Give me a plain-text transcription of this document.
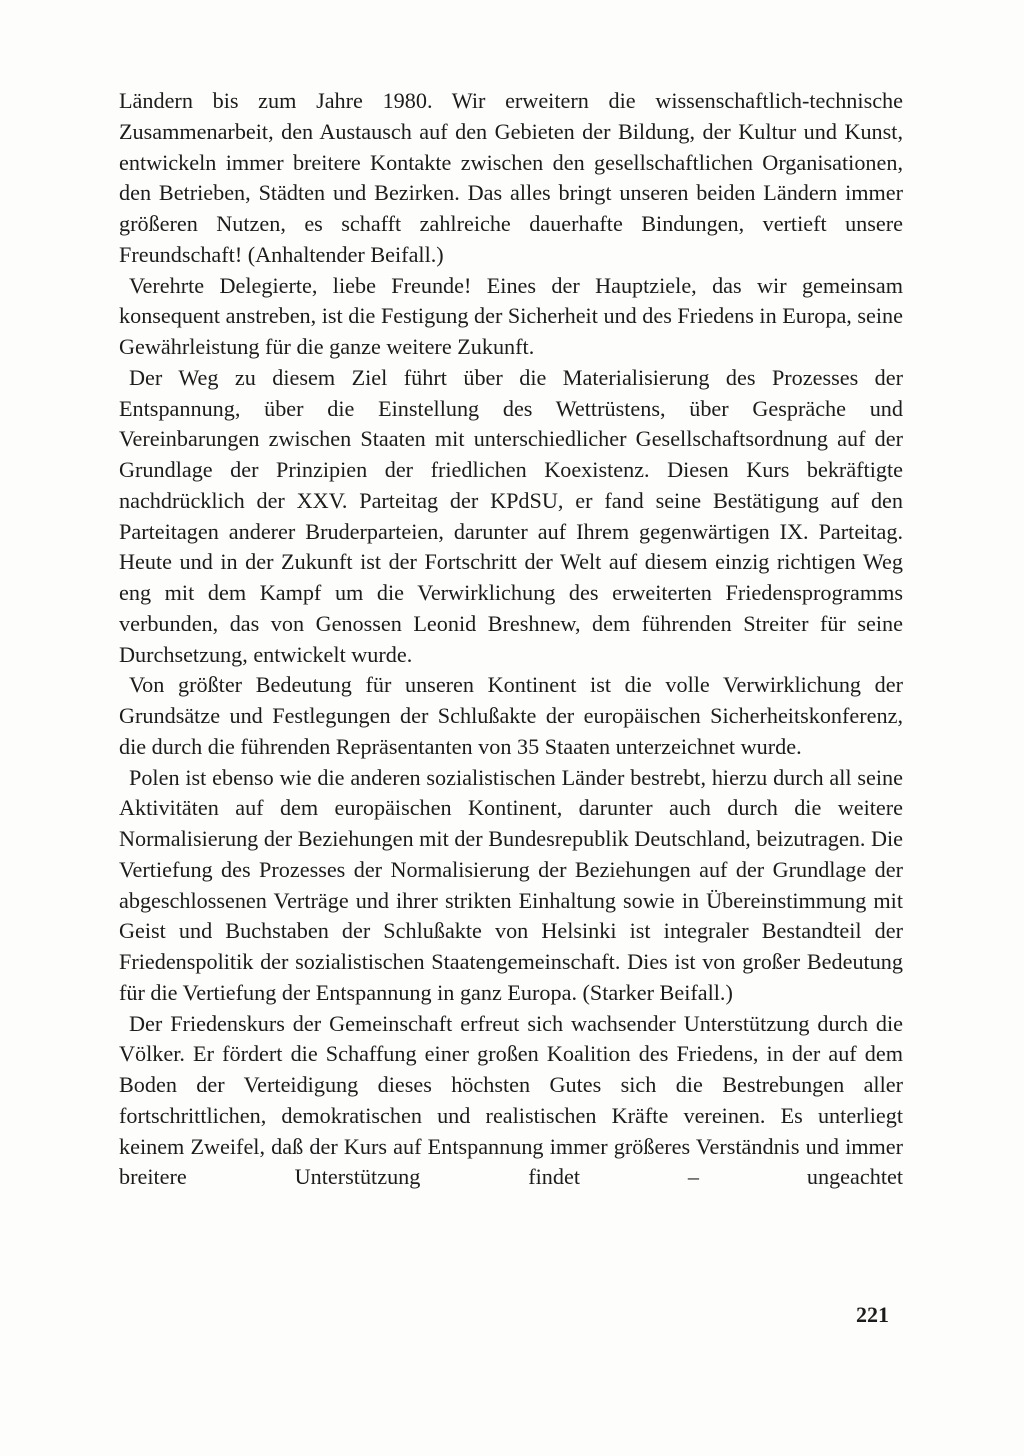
Ländern bis zum Jahre 1980. Wir erweitern die wissenschaftlich-technische Zusammenarbeit, den Austausch auf den Gebieten der Bildung, der Kultur und Kunst, entwickeln immer breitere Kontakte zwischen den gesellschaftlichen Organisationen, den Betrieben, Städten und Bezirken. Das alles bringt unseren beiden Ländern immer größeren Nutzen, es schafft zahlreiche dauerhafte Bindungen, vertieft unsere Freundschaft! (Anhaltender Beifall.)

Verehrte Delegierte, liebe Freunde! Eines der Hauptziele, das wir gemeinsam konsequent anstreben, ist die Festigung der Sicherheit und des Friedens in Europa, seine Gewährleistung für die ganze weitere Zukunft.

Der Weg zu diesem Ziel führt über die Materialisierung des Prozesses der Entspannung, über die Einstellung des Wettrüstens, über Gespräche und Vereinbarungen zwischen Staaten mit unterschiedlicher Gesellschaftsordnung auf der Grundlage der Prinzipien der friedlichen Koexistenz. Diesen Kurs bekräftigte nachdrücklich der XXV. Parteitag der KPdSU, er fand seine Bestätigung auf den Parteitagen anderer Bruderparteien, darunter auf Ihrem gegenwärtigen IX. Parteitag. Heute und in der Zukunft ist der Fortschritt der Welt auf diesem einzig richtigen Weg eng mit dem Kampf um die Verwirklichung des erweiterten Friedensprogramms verbunden, das von Genossen Leonid Breshnew, dem führenden Streiter für seine Durchsetzung, entwickelt wurde.

Von größter Bedeutung für unseren Kontinent ist die volle Verwirklichung der Grundsätze und Festlegungen der Schlußakte der europäischen Sicherheitskonferenz, die durch die führenden Repräsentanten von 35 Staaten unterzeichnet wurde.

Polen ist ebenso wie die anderen sozialistischen Länder bestrebt, hierzu durch all seine Aktivitäten auf dem europäischen Kontinent, darunter auch durch die weitere Normalisierung der Beziehungen mit der Bundesrepublik Deutschland, beizutragen. Die Vertiefung des Prozesses der Normalisierung der Beziehungen auf der Grundlage der abgeschlossenen Verträge und ihrer strikten Einhaltung sowie in Übereinstimmung mit Geist und Buchstaben der Schlußakte von Helsinki ist integraler Bestandteil der Friedenspolitik der sozialistischen Staatengemeinschaft. Dies ist von großer Bedeutung für die Vertiefung der Entspannung in ganz Europa. (Starker Beifall.)

Der Friedenskurs der Gemeinschaft erfreut sich wachsender Unterstützung durch die Völker. Er fördert die Schaffung einer großen Koalition des Friedens, in der auf dem Boden der Verteidigung dieses höchsten Gutes sich die Bestrebungen aller fortschrittlichen, demokratischen und realistischen Kräfte vereinen. Es unterliegt keinem Zweifel, daß der Kurs auf Entspannung immer größeres Verständnis und immer breitere Unterstützung findet – ungeachtet

221
